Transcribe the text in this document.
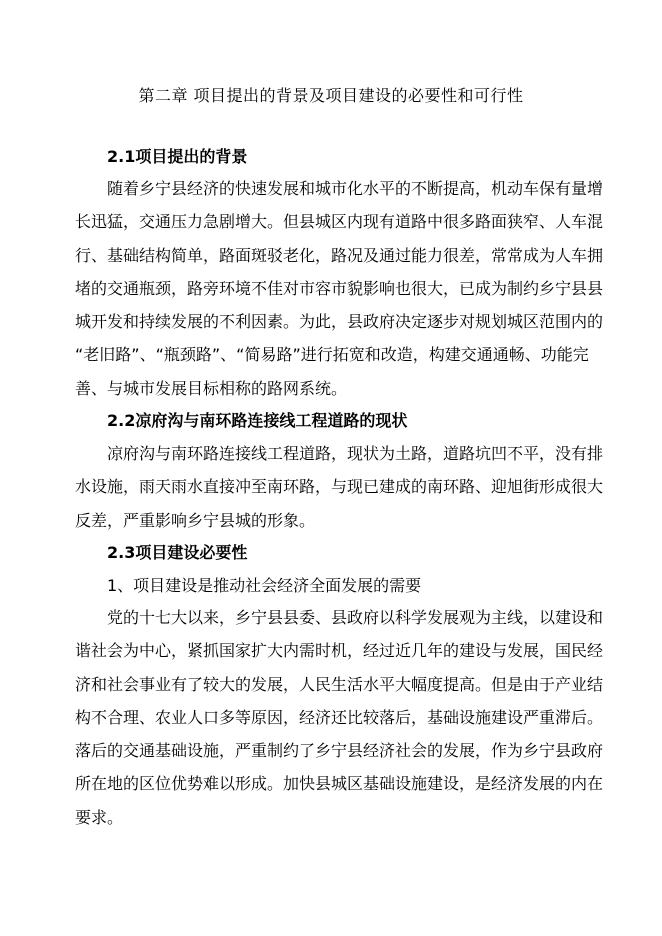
第二章 项目提出的背景及项目建设的必要性和可行性
2.1项目提出的背景
随着乡宁县经济的快速发展和城市化水平的不断提高，机动车保有量增
长迅猛，交通压力急剧增大。但县城区内现有道路中很多路面狭窄、人车混
行、基础结构简单，路面斑驳老化，路况及通过能力很差，常常成为人车拥
堵的交通瓶颈，路旁环境不佳对市容市貌影响也很大，已成为制约乡宁县县
城开发和持续发展的不利因素。为此，县政府决定逐步对规划城区范围内的
“老旧路”、“瓶颈路”、“简易路”进行拓宽和改造，构建交通通畅、功能完
善、与城市发展目标相称的路网系统。
2.2凉府沟与南环路连接线工程道路的现状
凉府沟与南环路连接线工程道路，现状为土路，道路坑凹不平，没有排
水设施，雨天雨水直接冲至南环路，与现已建成的南环路、迎旭街形成很大
反差，严重影响乡宁县城的形象。
2.3项目建设必要性
1、项目建设是推动社会经济全面发展的需要
党的十七大以来，乡宁县县委、县政府以科学发展观为主线，以建设和
谐社会为中心，紧抓国家扩大内需时机，经过近几年的建设与发展，国民经
济和社会事业有了较大的发展，人民生活水平大幅度提高。但是由于产业结
构不合理、农业人口多等原因，经济还比较落后，基础设施建设严重滞后。
落后的交通基础设施，严重制约了乡宁县经济社会的发展，作为乡宁县政府
所在地的区位优势难以形成。加快县城区基础设施建设，是经济发展的内在
要求。
